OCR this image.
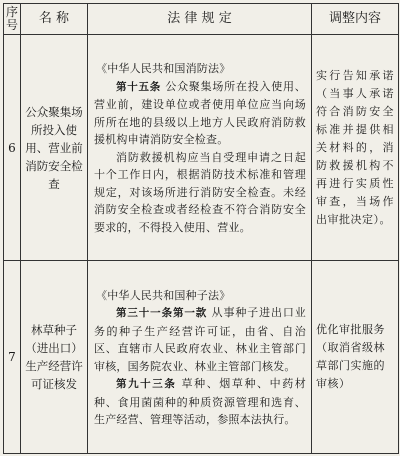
序号	名 称	法 律 规 定	调整内容
6	公众聚集场所投入使用、营业前消防安全检查	《中华人民共和国消防法》

第十五条 公众聚集场所在投入使用、营业前，建设单位或者使用单位应当向场所所在地的县级以上地方人民政府消防救援机构申请消防安全检查。

消防救援机构应当自受理申请之日起十个工作日内，根据消防技术标准和管理规定，对该场所进行消防安全检查。未经消防安全检查或者经检查不符合消防安全要求的，不得投入使用、营业。	实行告知承诺（当事人承诺符合消防安全标准并提供相关材料的，消防救援机构不再进行实质性审查，当场作出审批决定）。
7	林草种子（进出口）生产经营许可证核发	《中华人民共和国种子法》

第三十一条第一款 从事种子进出口业务的种子生产经营许可证，由省、自治区、直辖市人民政府农业、林业主管部门审核，国务院农业、林业主管部门核发。

第九十三条 草种、烟草种、中药材种、食用菌菌种的种质资源管理和选育、生产经营、管理等活动，参照本法执行。	优化审批服务（取消省级林草部门实施的审核）
